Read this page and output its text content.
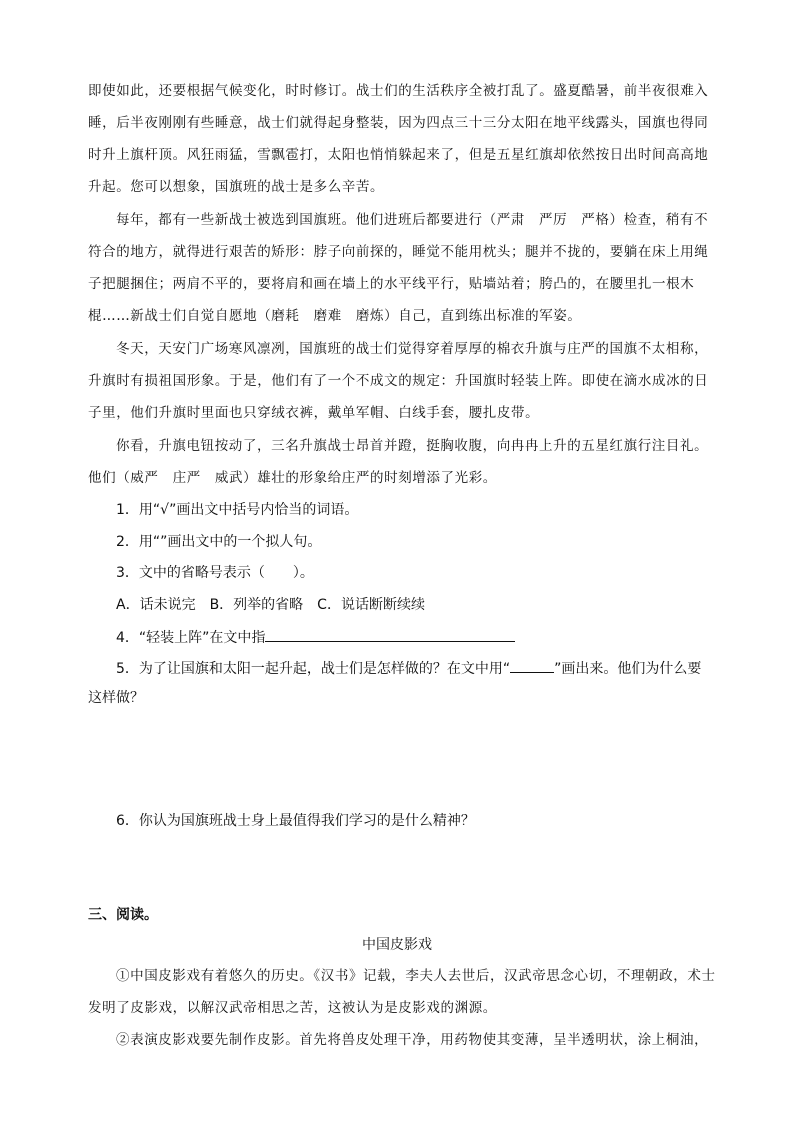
即使如此，还要根据气候变化，时时修订。战士们的生活秩序全被打乱了。盛夏酷暑，前半夜很难入
睡，后半夜刚刚有些睡意，战士们就得起身整装，因为四点三十三分太阳在地平线露头，国旗也得同
时升上旗杆顶。风狂雨猛，雪飘雹打，太阳也悄悄躲起来了，但是五星红旗却依然按日出时间高高地
升起。您可以想象，国旗班的战士是多么辛苦。
每年，都有一些新战士被选到国旗班。他们进班后都要进行（严肃　严厉　严格）检查，稍有不
符合的地方，就得进行艰苦的矫形：脖子向前探的，睡觉不能用枕头；腿并不拢的，要躺在床上用绳
子把腿捆住；两肩不平的，要将肩和画在墙上的水平线平行，贴墙站着；胯凸的，在腰里扎一根木
棍……新战士们自觉自愿地（磨耗　磨难　磨炼）自己，直到练出标准的军姿。
冬天，天安门广场寒风凛冽，国旗班的战士们觉得穿着厚厚的棉衣升旗与庄严的国旗不太相称，
升旗时有损祖国形象。于是，他们有了一个不成文的规定：升国旗时轻装上阵。即使在滴水成冰的日
子里，他们升旗时里面也只穿绒衣裤，戴单军帽、白线手套，腰扎皮带。
你看，升旗电钮按动了，三名升旗战士昂首并蹬，挺胸收腹，向冉冉上升的五星红旗行注目礼。
他们（威严　庄严　威武）雄壮的形象给庄严的时刻增添了光彩。
1．用“√”画出文中括号内恰当的词语。
2．用“”画出文中的一个拟人句。
3．文中的省略号表示（　　）。
A．话未说完　B．列举的省略　C．说话断断续续
4．“轻装上阵”在文中指
5．为了让国旗和太阳一起升起，战士们是怎样做的？在文中用“	”画出来。他们为什么要
这样做？
6．你认为国旗班战士身上最值得我们学习的是什么精神？
三、阅读。
中国皮影戏
①中国皮影戏有着悠久的历史。《汉书》记载，李夫人去世后，汉武帝思念心切，不理朝政，术士
发明了皮影戏，以解汉武帝相思之苦，这被认为是皮影戏的渊源。
②表演皮影戏要先制作皮影。首先将兽皮处理干净，用药物使其变薄，呈半透明状，涂上桐油，
